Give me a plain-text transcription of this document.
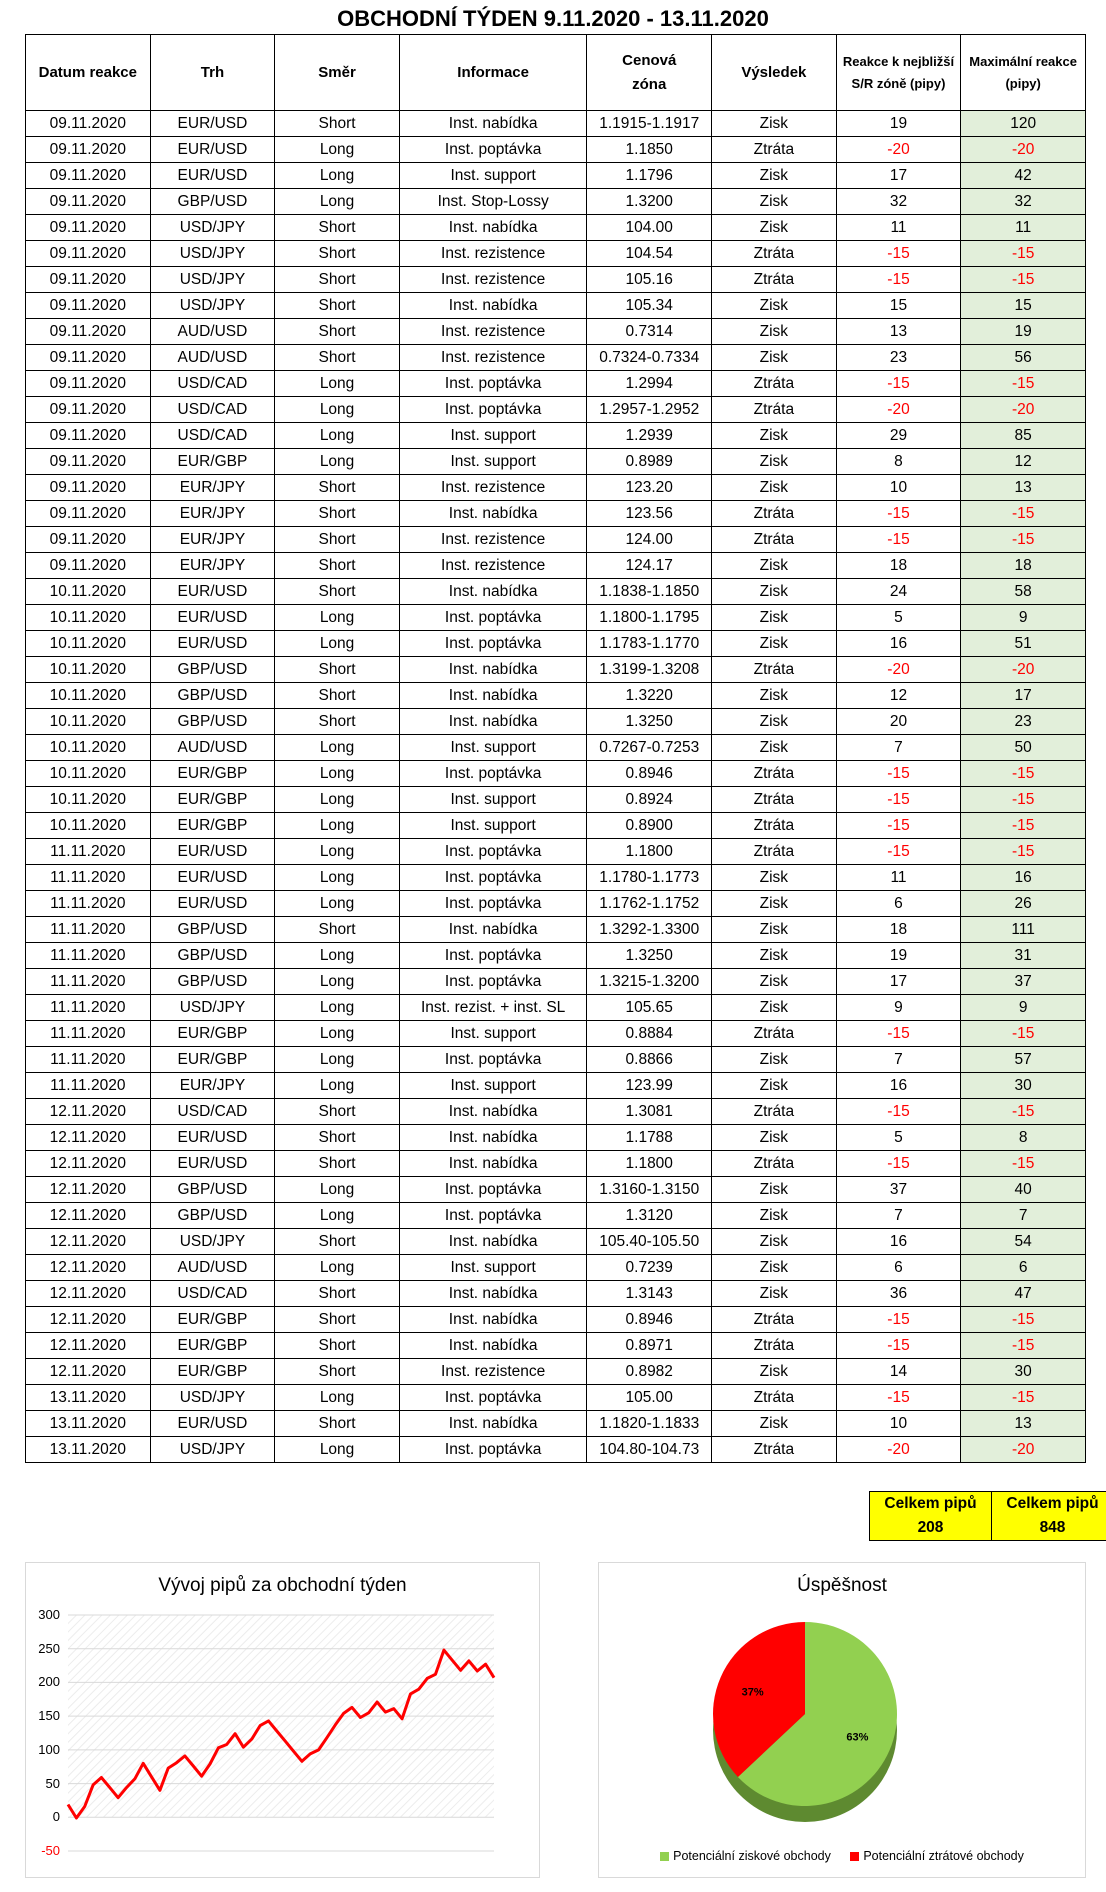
OBCHODNÍ TÝDEN 9.11.2020 - 13.11.2020
Datum reakce	Trh	Směr	Informace	Cenová zóna	Výsledek	Reakce k nejbližší S/R zóně (pipy)	Maximální reakce (pipy)
09.11.2020	EUR/USD	Short	Inst. nabídka	1.1915-1.1917	Zisk	19	120
09.11.2020	EUR/USD	Long	Inst. poptávka	1.1850	Ztráta	-20	-20
09.11.2020	EUR/USD	Long	Inst. support	1.1796	Zisk	17	42
09.11.2020	GBP/USD	Long	Inst. Stop-Lossy	1.3200	Zisk	32	32
09.11.2020	USD/JPY	Short	Inst. nabídka	104.00	Zisk	11	11
09.11.2020	USD/JPY	Short	Inst. rezistence	104.54	Ztráta	-15	-15
09.11.2020	USD/JPY	Short	Inst. rezistence	105.16	Ztráta	-15	-15
09.11.2020	USD/JPY	Short	Inst. nabídka	105.34	Zisk	15	15
09.11.2020	AUD/USD	Short	Inst. rezistence	0.7314	Zisk	13	19
09.11.2020	AUD/USD	Short	Inst. rezistence	0.7324-0.7334	Zisk	23	56
09.11.2020	USD/CAD	Long	Inst. poptávka	1.2994	Ztráta	-15	-15
09.11.2020	USD/CAD	Long	Inst. poptávka	1.2957-1.2952	Ztráta	-20	-20
09.11.2020	USD/CAD	Long	Inst. support	1.2939	Zisk	29	85
09.11.2020	EUR/GBP	Long	Inst. support	0.8989	Zisk	8	12
09.11.2020	EUR/JPY	Short	Inst. rezistence	123.20	Zisk	10	13
09.11.2020	EUR/JPY	Short	Inst. nabídka	123.56	Ztráta	-15	-15
09.11.2020	EUR/JPY	Short	Inst. rezistence	124.00	Ztráta	-15	-15
09.11.2020	EUR/JPY	Short	Inst. rezistence	124.17	Zisk	18	18
10.11.2020	EUR/USD	Short	Inst. nabídka	1.1838-1.1850	Zisk	24	58
10.11.2020	EUR/USD	Long	Inst. poptávka	1.1800-1.1795	Zisk	5	9
10.11.2020	EUR/USD	Long	Inst. poptávka	1.1783-1.1770	Zisk	16	51
10.11.2020	GBP/USD	Short	Inst. nabídka	1.3199-1.3208	Ztráta	-20	-20
10.11.2020	GBP/USD	Short	Inst. nabídka	1.3220	Zisk	12	17
10.11.2020	GBP/USD	Short	Inst. nabídka	1.3250	Zisk	20	23
10.11.2020	AUD/USD	Long	Inst. support	0.7267-0.7253	Zisk	7	50
10.11.2020	EUR/GBP	Long	Inst. poptávka	0.8946	Ztráta	-15	-15
10.11.2020	EUR/GBP	Long	Inst. support	0.8924	Ztráta	-15	-15
10.11.2020	EUR/GBP	Long	Inst. support	0.8900	Ztráta	-15	-15
11.11.2020	EUR/USD	Long	Inst. poptávka	1.1800	Ztráta	-15	-15
11.11.2020	EUR/USD	Long	Inst. poptávka	1.1780-1.1773	Zisk	11	16
11.11.2020	EUR/USD	Long	Inst. poptávka	1.1762-1.1752	Zisk	6	26
11.11.2020	GBP/USD	Short	Inst. nabídka	1.3292-1.3300	Zisk	18	111
11.11.2020	GBP/USD	Long	Inst. poptávka	1.3250	Zisk	19	31
11.11.2020	GBP/USD	Long	Inst. poptávka	1.3215-1.3200	Zisk	17	37
11.11.2020	USD/JPY	Long	Inst. rezist. + inst. SL	105.65	Zisk	9	9
11.11.2020	EUR/GBP	Long	Inst. support	0.8884	Ztráta	-15	-15
11.11.2020	EUR/GBP	Long	Inst. poptávka	0.8866	Zisk	7	57
11.11.2020	EUR/JPY	Long	Inst. support	123.99	Zisk	16	30
12.11.2020	USD/CAD	Short	Inst. nabídka	1.3081	Ztráta	-15	-15
12.11.2020	EUR/USD	Short	Inst. nabídka	1.1788	Zisk	5	8
12.11.2020	EUR/USD	Short	Inst. nabídka	1.1800	Ztráta	-15	-15
12.11.2020	GBP/USD	Long	Inst. poptávka	1.3160-1.3150	Zisk	37	40
12.11.2020	GBP/USD	Long	Inst. poptávka	1.3120	Zisk	7	7
12.11.2020	USD/JPY	Short	Inst. nabídka	105.40-105.50	Zisk	16	54
12.11.2020	AUD/USD	Long	Inst. support	0.7239	Zisk	6	6
12.11.2020	USD/CAD	Short	Inst. nabídka	1.3143	Zisk	36	47
12.11.2020	EUR/GBP	Short	Inst. nabídka	0.8946	Ztráta	-15	-15
12.11.2020	EUR/GBP	Short	Inst. nabídka	0.8971	Ztráta	-15	-15
12.11.2020	EUR/GBP	Short	Inst. rezistence	0.8982	Zisk	14	30
13.11.2020	USD/JPY	Long	Inst. poptávka	105.00	Ztráta	-15	-15
13.11.2020	EUR/USD	Short	Inst. nabídka	1.1820-1.1833	Zisk	10	13
13.11.2020	USD/JPY	Long	Inst. poptávka	104.80-104.73	Ztráta	-20	-20
Celkem pipů
208
Celkem pipů
848
Vývoj pipů za obchodní týden
300
250
200
150
100
50
0
-50
Úspěšnost
63%
37%
Potenciální ziskové obchody	Potenciální ztrátové obchody
